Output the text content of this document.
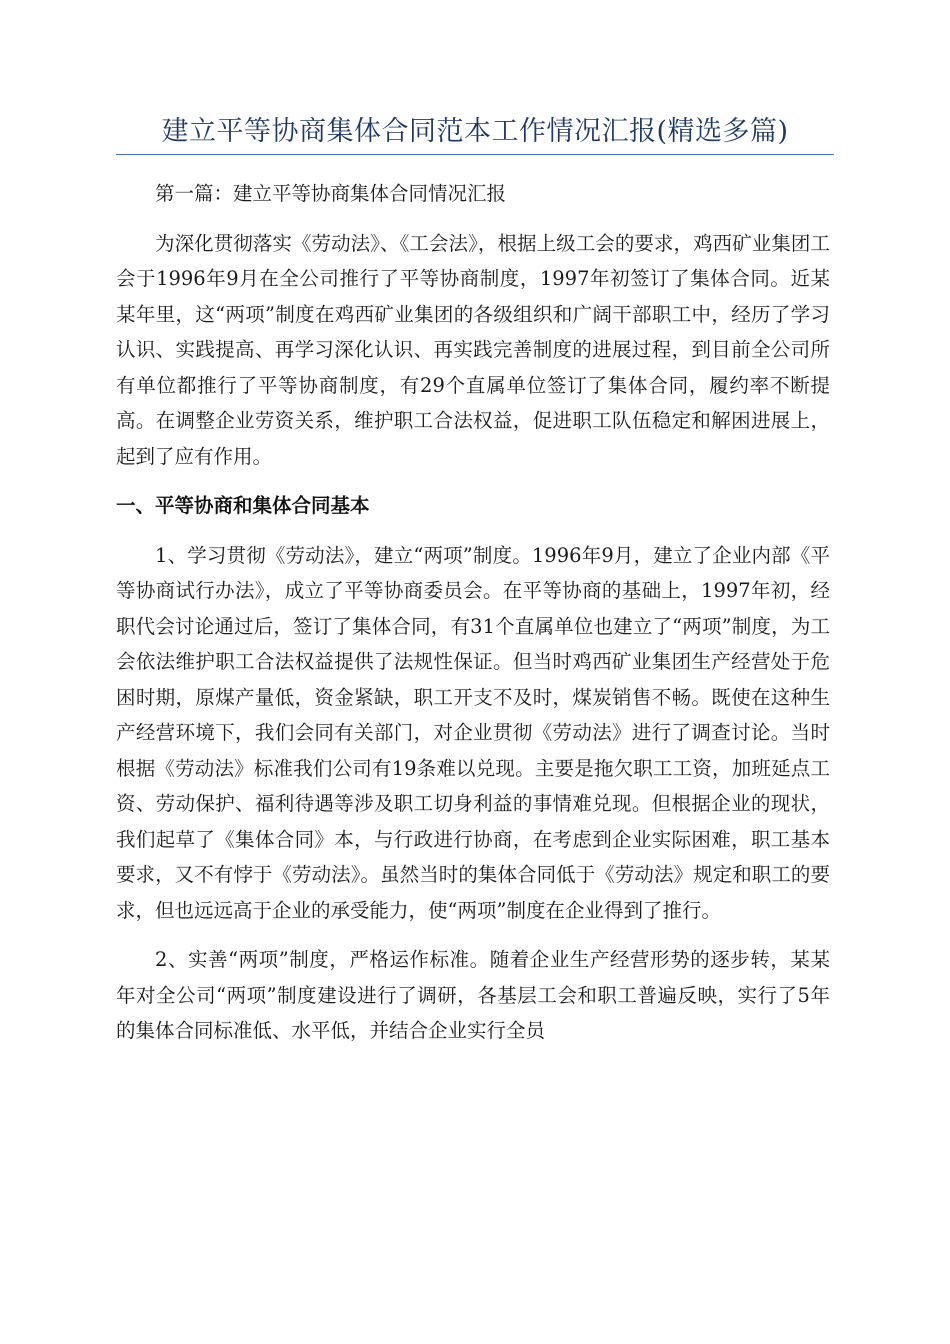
建立平等协商集体合同范本工作情况汇报(精选多篇)

第一篇：建立平等协商集体合同情况汇报

为深化贯彻落实《劳动法》、《工会法》，根据上级工会的要求，鸡西矿业集团工会于1996年9月在全公司推行了平等协商制度，1997年初签订了集体合同。近某某年里，这“两项”制度在鸡西矿业集团的各级组织和广阔干部职工中，经历了学习认识、实践提高、再学习深化认识、再实践完善制度的进展过程，到目前全公司所有单位都推行了平等协商制度，有29个直属单位签订了集体合同，履约率不断提高。在调整企业劳资关系，维护职工合法权益，促进职工队伍稳定和解困进展上，起到了应有作用。

一、平等协商和集体合同基本

1、学习贯彻《劳动法》，建立“两项”制度。1996年9月，建立了企业内部《平等协商试行办法》，成立了平等协商委员会。在平等协商的基础上，1997年初，经职代会讨论通过后，签订了集体合同，有31个直属单位也建立了“两项”制度，为工会依法维护职工合法权益提供了法规性保证。但当时鸡西矿业集团生产经营处于危困时期，原煤产量低，资金紧缺，职工开支不及时，煤炭销售不畅。既使在这种生产经营环境下，我们会同有关部门，对企业贯彻《劳动法》进行了调查讨论。当时根据《劳动法》标准我们公司有19条难以兑现。主要是拖欠职工工资，加班延点工资、劳动保护、福利待遇等涉及职工切身利益的事情难兑现。但根据企业的现状，我们起草了《集体合同》本，与行政进行协商，在考虑到企业实际困难，职工基本要求，又不有悖于《劳动法》。虽然当时的集体合同低于《劳动法》规定和职工的要求，但也远远高于企业的承受能力，使“两项”制度在企业得到了推行。

2、实善“两项”制度，严格运作标准。随着企业生产经营形势的逐步转，某某年对全公司“两项”制度建设进行了调研，各基层工会和职工普遍反映，实行了5年的集体合同标准低、水平低，并结合企业实行全员
